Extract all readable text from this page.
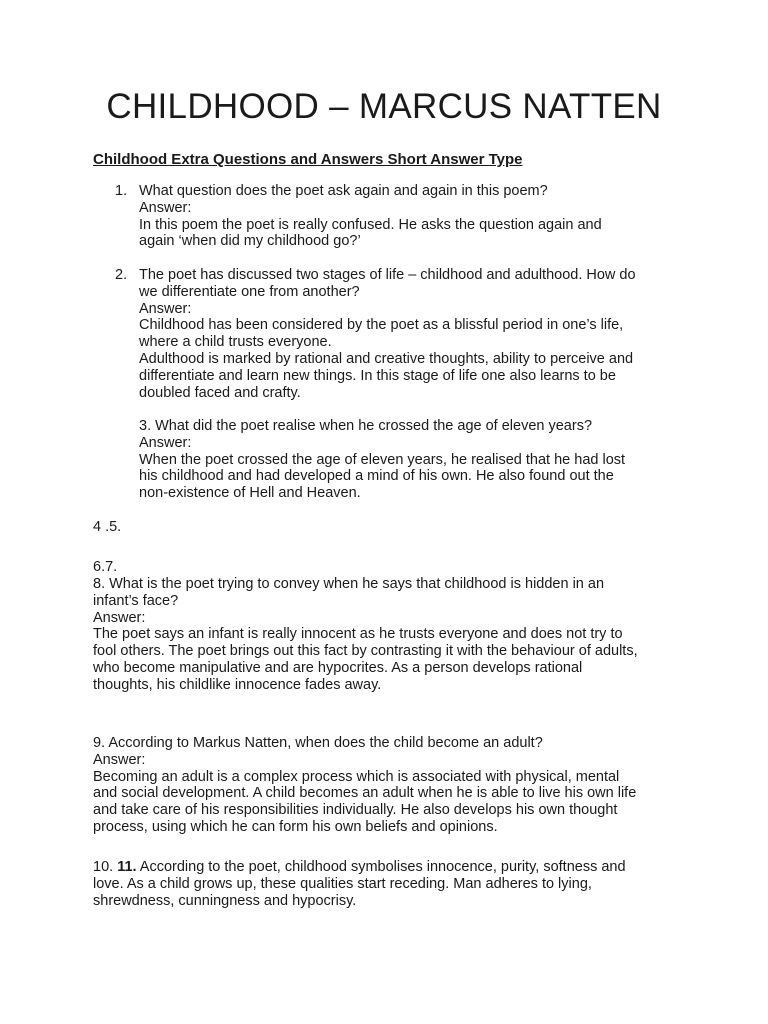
CHILDHOOD – MARCUS NATTEN
Childhood Extra Questions and Answers Short Answer Type
1. What question does the poet ask again and again in this poem?

Answer:

In this poem the poet is really confused. He asks the question again and

again ‘when did my childhood go?’

2. The poet has discussed two stages of life – childhood and adulthood. How do

we differentiate one from another?

Answer:

Childhood has been considered by the poet as a blissful period in one’s life,

where a child trusts everyone.

Adulthood is marked by rational and creative thoughts, ability to perceive and

differentiate and learn new things. In this stage of life one also learns to be

doubled faced and crafty.

3. What did the poet realise when he crossed the age of eleven years?

Answer:

When the poet crossed the age of eleven years, he realised that he had lost

his childhood and had developed a mind of his own. He also found out the

non-existence of Hell and Heaven.

4 .5.

6.7.

8. What is the poet trying to convey when he says that childhood is hidden in an

infant’s face?

Answer:

The poet says an infant is really innocent as he trusts everyone and does not try to

fool others. The poet brings out this fact by contrasting it with the behaviour of adults,

who become manipulative and are hypocrites. As a person develops rational

thoughts, his childlike innocence fades away.

9. According to Markus Natten, when does the child become an adult?

Answer:

Becoming an adult is a complex process which is associated with physical, mental

and social development. A child becomes an adult when he is able to live his own life

and take care of his responsibilities individually. He also develops his own thought

process, using which he can form his own beliefs and opinions.

10. 11. According to the poet, childhood symbolises innocence, purity, softness and

love. As a child grows up, these qualities start receding. Man adheres to lying,

shrewdness, cunningness and hypocrisy.
